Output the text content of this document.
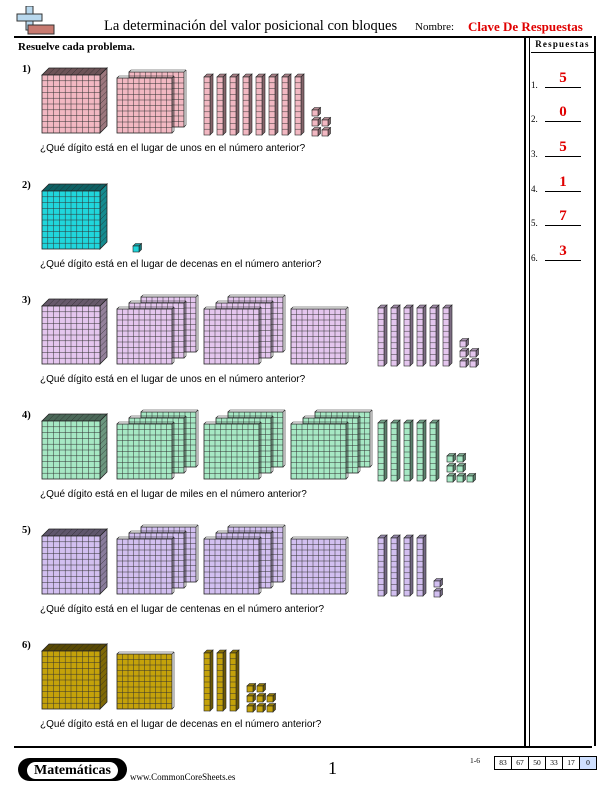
La determinación del valor posicional con bloques Nombre: Clave De Respuestas
Resuelve cada problema.	Respuestas
1.	5
2.	0
3.	5
4.	1
5.	7
6.	3
1)
¿Qué dígito está en el lugar de unos en el número anterior?
2)
¿Qué dígito está en el lugar de decenas en el número anterior?
3)
¿Qué dígito está en el lugar de unos en el número anterior?
4)
¿Qué dígito está en el lugar de miles en el número anterior?
5)
¿Qué dígito está en el lugar de centenas en el número anterior?
6)
¿Qué dígito está en el lugar de decenas en el número anterior?
Matemáticas	www.CommonCoreSheets.es	1	1-6	83	67	50	33	17	0
